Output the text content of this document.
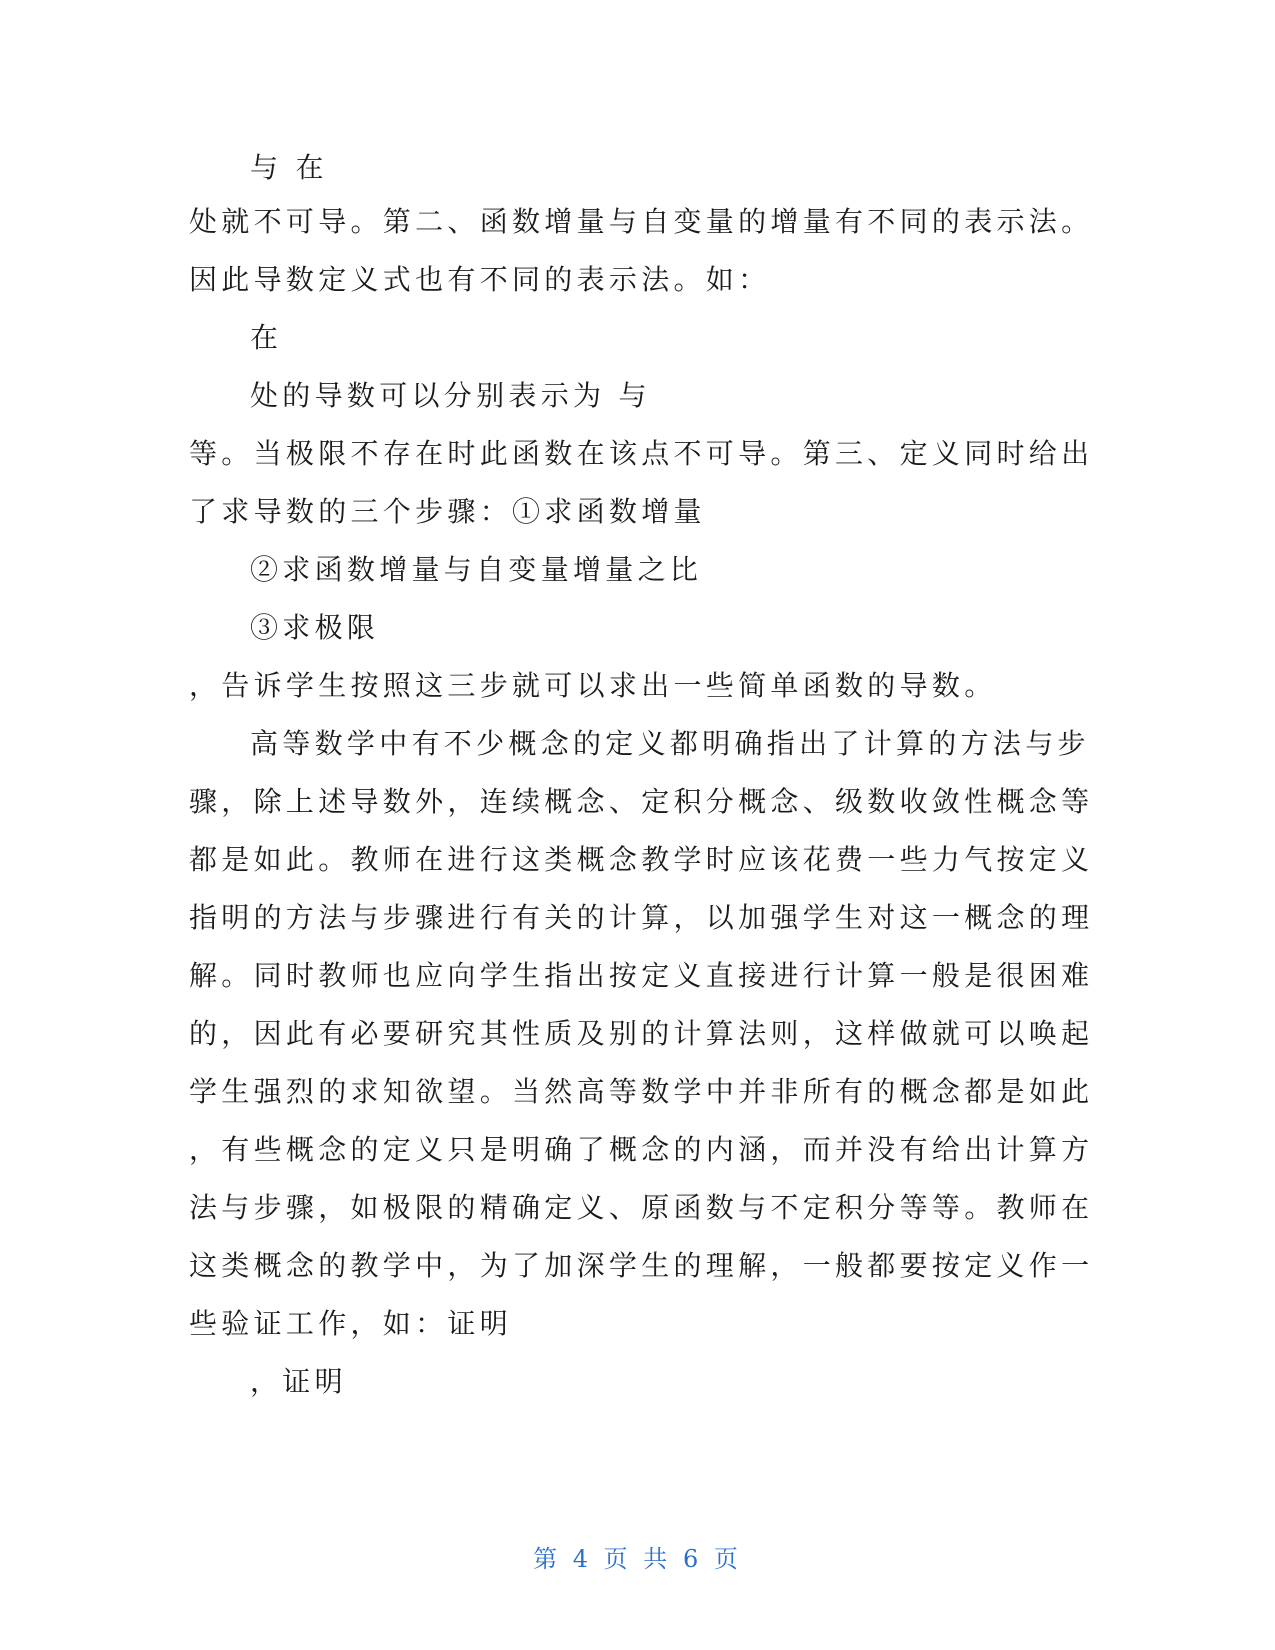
与 在
处就不可导。第二、函数增量与自变量的增量有不同的表示法。
因此导数定义式也有不同的表示法。如：
在
处的导数可以分别表示为 与
等。当极限不存在时此函数在该点不可导。第三、定义同时给出
了求导数的三个步骤：①求函数增量
②求函数增量与自变量增量之比
③求极限
，告诉学生按照这三步就可以求出一些简单函数的导数。
高等数学中有不少概念的定义都明确指出了计算的方法与步
骤，除上述导数外，连续概念、定积分概念、级数收敛性概念等
都是如此。教师在进行这类概念教学时应该花费一些力气按定义
指明的方法与步骤进行有关的计算，以加强学生对这一概念的理
解。同时教师也应向学生指出按定义直接进行计算一般是很困难
的，因此有必要研究其性质及别的计算法则，这样做就可以唤起
学生强烈的求知欲望。当然高等数学中并非所有的概念都是如此
，有些概念的定义只是明确了概念的内涵，而并没有给出计算方
法与步骤，如极限的精确定义、原函数与不定积分等等。教师在
这类概念的教学中，为了加深学生的理解，一般都要按定义作一
些验证工作，如：证明
，证明
第 4 页 共 6 页
